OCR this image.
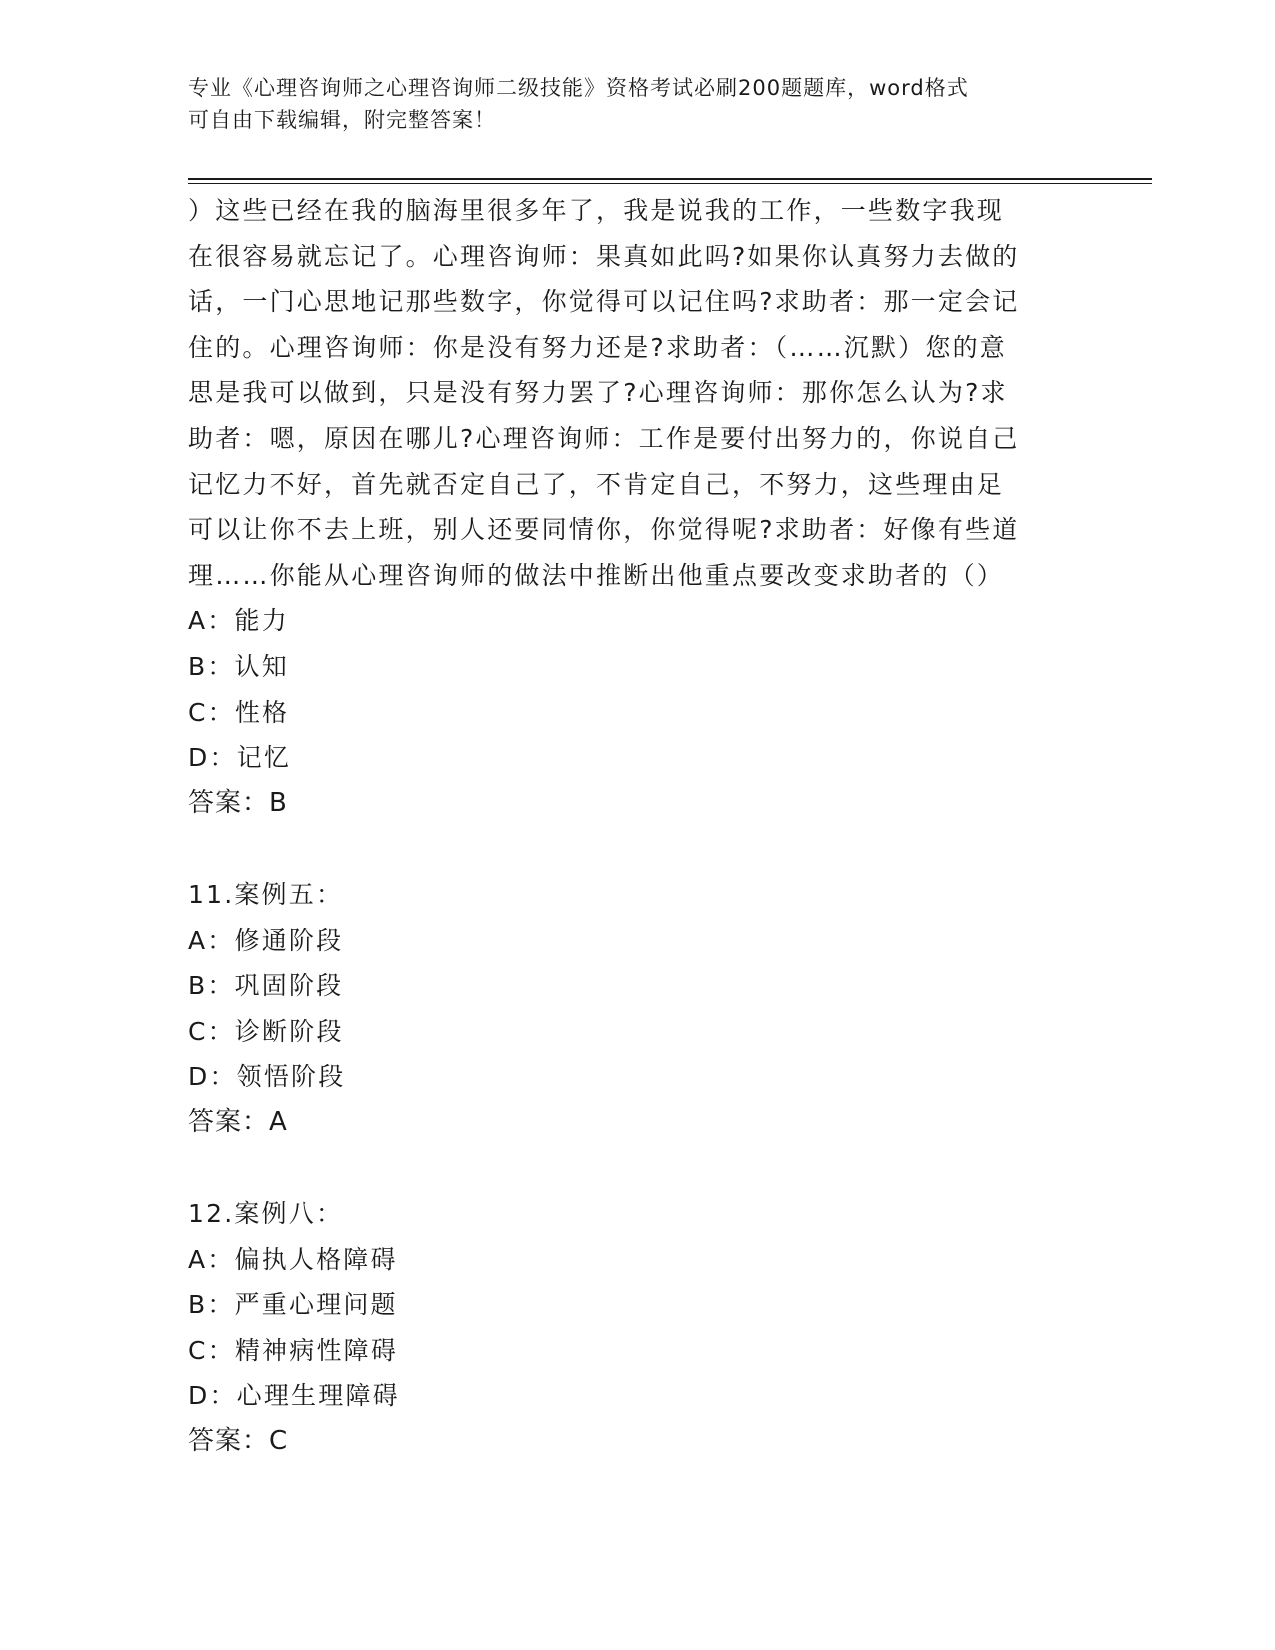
专业《心理咨询师之心理咨询师二级技能》资格考试必刷200题题库，word格式
可自由下载编辑，附完整答案！
）这些已经在我的脑海里很多年了，我是说我的工作，一些数字我现
在很容易就忘记了。心理咨询师：果真如此吗?如果你认真努力去做的
话，一门心思地记那些数字，你觉得可以记住吗?求助者：那一定会记
住的。心理咨询师：你是没有努力还是?求助者：（……沉默）您的意
思是我可以做到，只是没有努力罢了?心理咨询师：那你怎么认为?求
助者：嗯，原因在哪儿?心理咨询师：工作是要付出努力的，你说自己
记忆力不好，首先就否定自己了，不肯定自己，不努力，这些理由足
可以让你不去上班，别人还要同情你，你觉得呢?求助者：好像有些道
理……你能从心理咨询师的做法中推断出他重点要改变求助者的（）
A：能力
B：认知
C：性格
D：记忆
答案：B
11.案例五：
A：修通阶段
B：巩固阶段
C：诊断阶段
D：领悟阶段
答案：A
12.案例八：
A：偏执人格障碍
B：严重心理问题
C：精神病性障碍
D：心理生理障碍
答案：C
